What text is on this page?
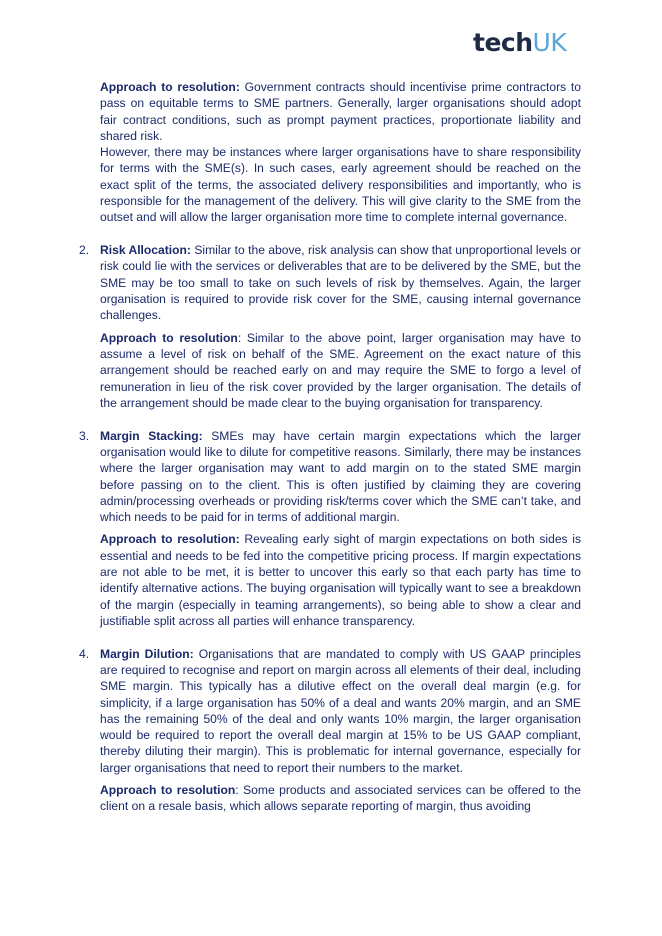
techUK

Approach to resolution: Government contracts should incentivise prime contractors to pass on equitable terms to SME partners. Generally, larger organisations should adopt fair contract conditions, such as prompt payment practices, proportionate liability and shared risk.

However, there may be instances where larger organisations have to share responsibility for terms with the SME(s). In such cases, early agreement should be reached on the exact split of the terms, the associated delivery responsibilities and importantly, who is responsible for the management of the delivery. This will give clarity to the SME from the outset and will allow the larger organisation more time to complete internal governance.

2. Risk Allocation: Similar to the above, risk analysis can show that unproportional levels or risk could lie with the services or deliverables that are to be delivered by the SME, but the SME may be too small to take on such levels of risk by themselves. Again, the larger organisation is required to provide risk cover for the SME, causing internal governance challenges.

Approach to resolution: Similar to the above point, larger organisation may have to assume a level of risk on behalf of the SME. Agreement on the exact nature of this arrangement should be reached early on and may require the SME to forgo a level of remuneration in lieu of the risk cover provided by the larger organisation. The details of the arrangement should be made clear to the buying organisation for transparency.

3. Margin Stacking: SMEs may have certain margin expectations which the larger organisation would like to dilute for competitive reasons. Similarly, there may be instances where the larger organisation may want to add margin on to the stated SME margin before passing on to the client. This is often justified by claiming they are covering admin/processing overheads or providing risk/terms cover which the SME can’t take, and which needs to be paid for in terms of additional margin.

Approach to resolution: Revealing early sight of margin expectations on both sides is essential and needs to be fed into the competitive pricing process. If margin expectations are not able to be met, it is better to uncover this early so that each party has time to identify alternative actions. The buying organisation will typically want to see a breakdown of the margin (especially in teaming arrangements), so being able to show a clear and justifiable split across all parties will enhance transparency.

4. Margin Dilution: Organisations that are mandated to comply with US GAAP principles are required to recognise and report on margin across all elements of their deal, including SME margin. This typically has a dilutive effect on the overall deal margin (e.g. for simplicity, if a large organisation has 50% of a deal and wants 20% margin, and an SME has the remaining 50% of the deal and only wants 10% margin, the larger organisation would be required to report the overall deal margin at 15% to be US GAAP compliant, thereby diluting their margin). This is problematic for internal governance, especially for larger organisations that need to report their numbers to the market.

Approach to resolution: Some products and associated services can be offered to the client on a resale basis, which allows separate reporting of margin, thus avoiding
